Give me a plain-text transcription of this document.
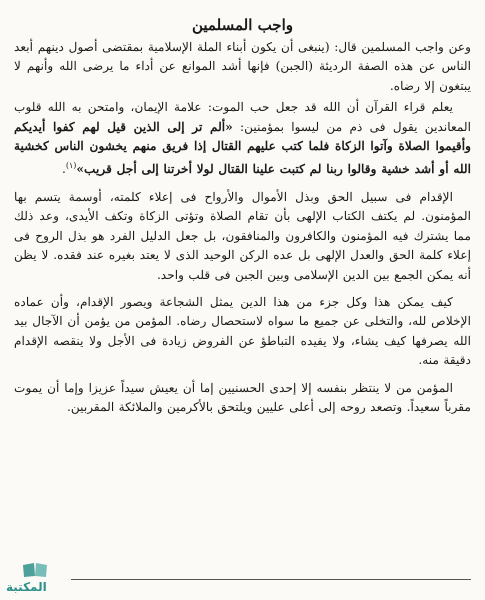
واجب المسلمين

وعن واجب المسلمين قال: (ينبغى أن يكون أبناء الملة الإسلامية بمقتضى أصول دينهم أبعد الناس عن هذه الصفة الرديئة (الجبن) فإنها أشد الموانع عن أداء ما يرضى الله وأنهم لا يبتغون إلا رضاه.

يعلم قراء القرآن أن الله قد جعل حب الموت: علامة الإيمان، وامتحن به الله قلوب المعاندين يقول فى ذم من ليسوا بمؤمنين: «ألم تر إلى الذين قيل لهم كفوا أيديكم وأقيموا الصلاة وآتوا الزكاة فلما كتب عليهم القتال إذا فريق منهم يخشون الناس كخشية الله أو أشد خشية وقالوا ربنا لم كتبت علينا القتال لولا أخرتنا إلى أجل قريب»$^{(١)}$.

الإقدام فى سبيل الحق وبذل الأموال والأرواح فى إعلاء كلمته، أوسمة يتسم بها المؤمنون. لم يكتف الكتاب الإلهى بأن تقام الصلاة وتؤتى الزكاة وتكف الأيدى، وعد ذلك مما يشترك فيه المؤمنون والكافرون والمنافقون، بل جعل الدليل الفرد هو بذل الروح فى إعلاء كلمة الحق والعدل الإلهى بل عده الركن الوحيد الذى لا يعتد بغيره عند فقده. لا يظن أنه يمكن الجمع بين الدين الإسلامى وبين الجبن فى قلب واحد.

كيف يمكن هذا وكل جزء من هذا الدين يمثل الشجاعة ويصور الإقدام، وأن عماده الإخلاص لله، والتخلى عن جميع ما سواه لاستحصال رضاه. المؤمن من يؤمن أن الآجال بيد الله يصرفها كيف يشاء، ولا يفيده التباطؤ عن الفروض زيادة فى الأجل ولا ينقصه الإقدام دقيقة منه.

المؤمن من لا ينتظر بنفسه إلا إحدى الحسنيين إما أن يعيش سيداً عزيزا وإما أن يموت مقرباً سعيداً. وتصعد روحه إلى أعلى عليين ويلتحق بالأكرمين والملائكة المقربين.

المكتبة
